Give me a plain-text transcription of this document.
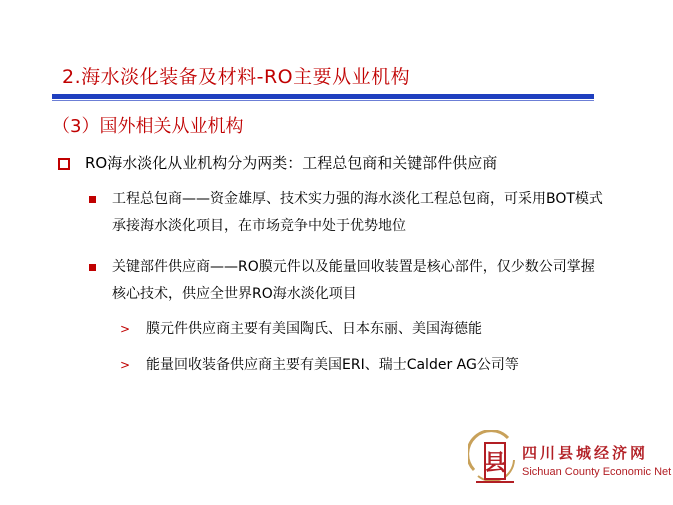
2.海水淡化装备及材料-RO主要从业机构
（3）国外相关从业机构
RO海水淡化从业机构分为两类：工程总包商和关键部件供应商
工程总包商——资金雄厚、技术实力强的海水淡化工程总包商，可采用BOT模式承接海水淡化项目，在市场竞争中处于优势地位
关键部件供应商——RO膜元件以及能量回收装置是核心部件，仅少数公司掌握核心技术，供应全世界RO海水淡化项目
> 膜元件供应商主要有美国陶氏、日本东丽、美国海德能
> 能量回收装备供应商主要有美国ERI、瑞士Calder AG公司等
县 四川县城经济网
Sichuan County Economic Net
